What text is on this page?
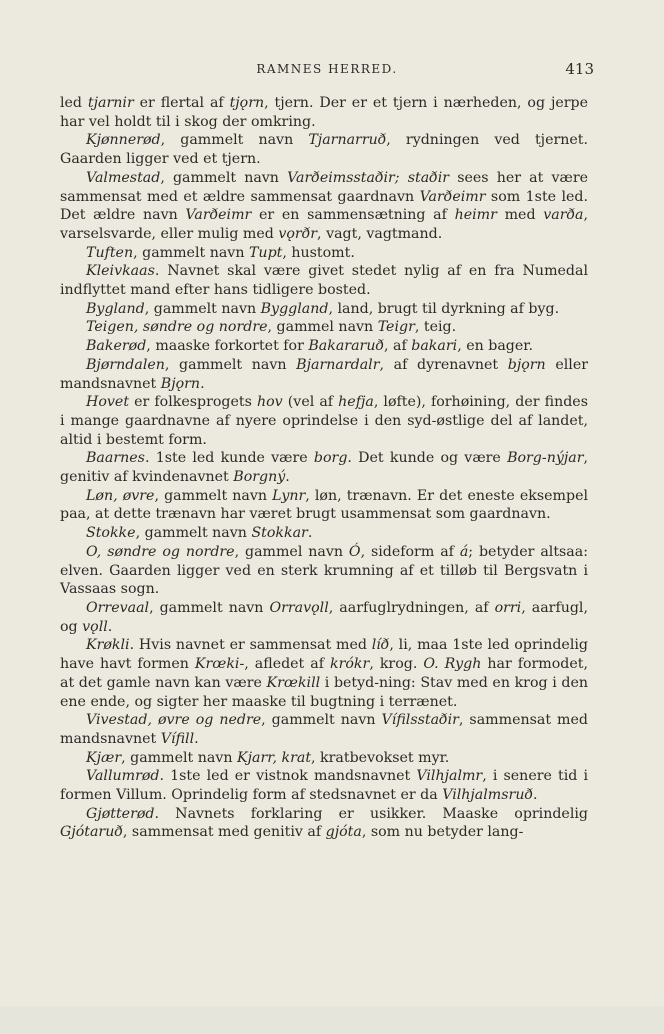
RAMNES HERRED.	413

led tjarnir er flertal af tjǫrn, tjern. Der er et tjern i nærheden, og jerpe har vel holdt til i skog der omkring.

Kjønnerød, gammelt navn Tjarnarruð, rydningen ved tjernet. Gaarden ligger ved et tjern.

Valmestad, gammelt navn Varðeimsstaðir; staðir sees her at være sammensat med et ældre sammensat gaardnavn Varðeimr som 1ste led. Det ældre navn Varðeimr er en sammensætning af heimr med varða, varselsvarde, eller mulig med vǫrðr, vagt, vagtmand.

Tuften, gammelt navn Tupt, hustomt.

Kleivkaas. Navnet skal være givet stedet nylig af en fra Numedal indflyttet mand efter hans tidligere bosted.

Bygland, gammelt navn Byggland, land, brugt til dyrkning af byg.

Teigen, søndre og nordre, gammel navn Teigr, teig.

Bakerød, maaske forkortet for Bakararuð, af bakari, en bager.

Bjørndalen, gammelt navn Bjarnardalr, af dyrenavnet bjǫrn eller mandsnavnet Bjǫrn.

Hovet er folkesprogets hov (vel af hefja, løfte), forhøining, der findes i mange gaardnavne af nyere oprindelse i den syd-østlige del af landet, altid i bestemt form.

Baarnes. 1ste led kunde være borg. Det kunde og være Borg-nýjar, genitiv af kvindenavnet Borgný.

Løn, øvre, gammelt navn Lynr, løn, trænavn. Er det eneste eksempel paa, at dette trænavn har været brugt usammensat som gaardnavn.

Stokke, gammelt navn Stokkar.

O, søndre og nordre, gammel navn Ó, sideform af á; betyder altsaa: elven. Gaarden ligger ved en sterk krumning af et tilløb til Bergsvatn i Vassaas sogn.

Orrevaal, gammelt navn Orravǫll, aarfuglrydningen, af orri, aarfugl, og vǫll.

Krøkli. Hvis navnet er sammensat med líð, li, maa 1ste led oprindelig have havt formen Krœki-, afledet af krókr, krog. O. Rygh har formodet, at det gamle navn kan være Krœkill i betyd-ning: Stav med en krog i den ene ende, og sigter her maaske til bugtning i terrænet.

Vivestad, øvre og nedre, gammelt navn Vífilsstaðir, sammensat med mandsnavnet Vífill.

Kjær, gammelt navn Kjarr, krat, kratbevokset myr.

Vallumrød. 1ste led er vistnok mandsnavnet Vilhjalmr, i senere tid i formen Villum. Oprindelig form af stedsnavnet er da Vilhjalmsruð.

Gjøtterød. Navnets forklaring er usikker. Maaske oprindelig Gjótaruð, sammensat med genitiv af gjóta, som nu betyder lang-
